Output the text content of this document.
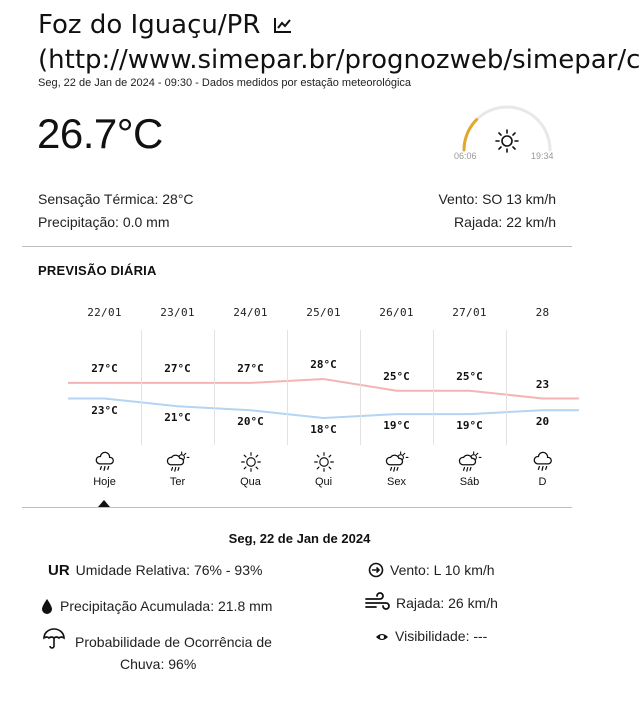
Foz do Iguaçu/PR
(http://www.simepar.br/prognozweb/simepar/c
Seg, 22 de Jan de 2024 - 09:30 - Dados medidos por estação meteorológica
26.7°C	06:06	19:34
Sensação Térmica: 28°C
Precipitação: 0.0 mm
Vento: SO 13 km/h
Rajada: 22 km/h
PREVISÃO DIÁRIA
22/01
27°C
23°C
Hoje
23/01
27°C
21°C
Ter
24/01
27°C
20°C
Qua
25/01
28°C
18°C
Qui
26/01
25°C
19°C
Sex
27/01
25°C
19°C
Sáb
28
23
20
D
Seg, 22 de Jan de 2024
UR Umidade Relativa: 76% - 93%
Precipitação Acumulada: 21.8 mm
Probabilidade de Ocorrência de
Chuva: 96%
Vento: L 10 km/h
Rajada: 26 km/h
Visibilidade: ---
